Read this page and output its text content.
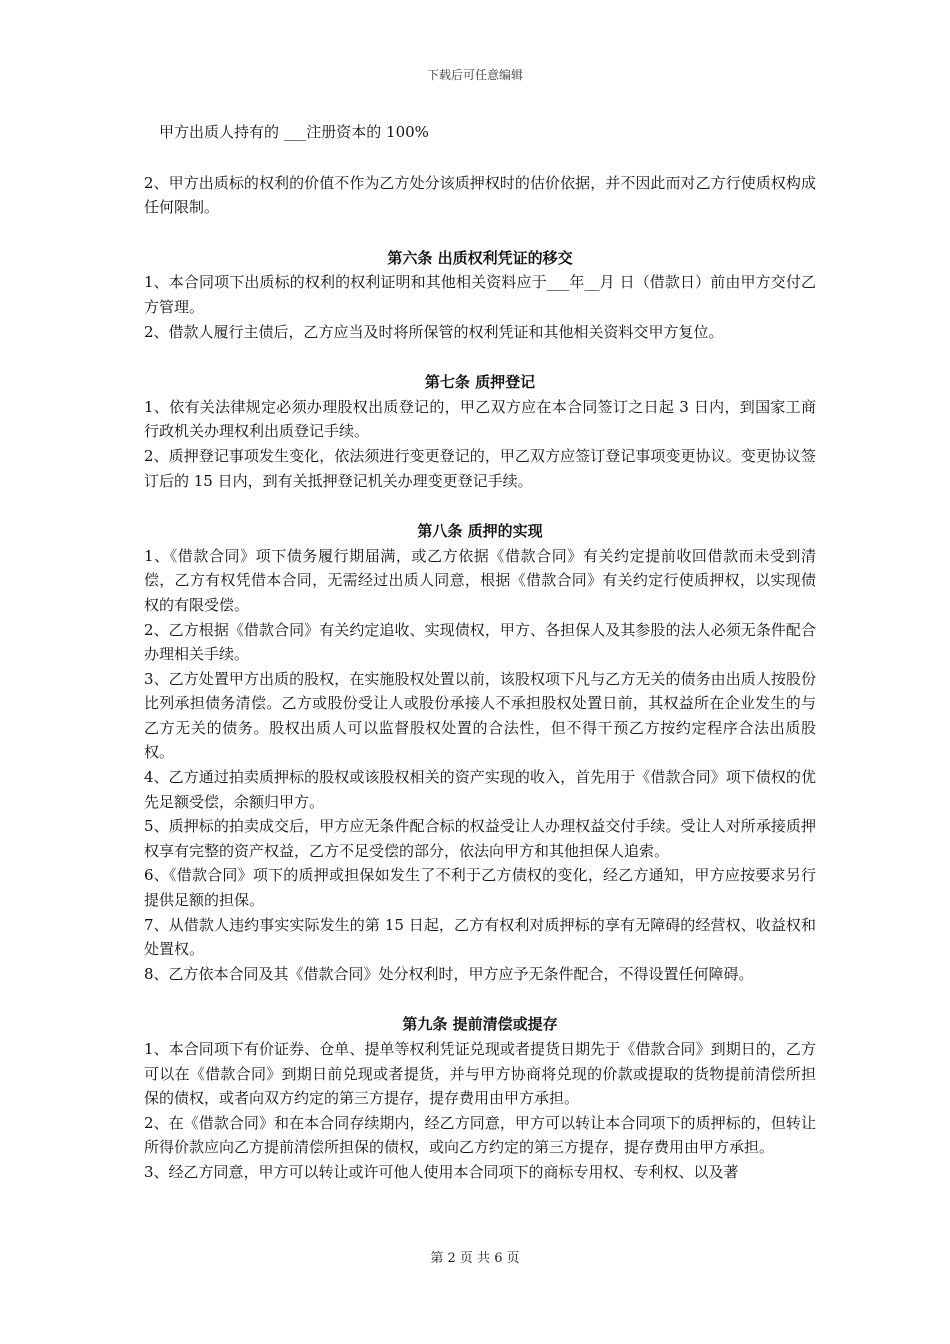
下载后可任意编辑

甲方出质人持有的 ___注册资本的 100%

2、甲方出质标的权利的价值不作为乙方处分该质押权时的估价依据，并不因此而对乙方行使质权构成任何限制。

第六条 出质权利凭证的移交

1、本合同项下出质标的权利的权利证明和其他相关资料应于___年__月 日（借款日）前由甲方交付乙方管理。

2、借款人履行主债后，乙方应当及时将所保管的权利凭证和其他相关资料交甲方复位。

第七条 质押登记

1、依有关法律规定必须办理股权出质登记的，甲乙双方应在本合同签订之日起 3 日内，到国家工商行政机关办理权利出质登记手续。

2、质押登记事项发生变化，依法须进行变更登记的，甲乙双方应签订登记事项变更协议。变更协议签订后的 15 日内，到有关抵押登记机关办理变更登记手续。

第八条 质押的实现

1、《借款合同》项下债务履行期届满，或乙方依据《借款合同》有关约定提前收回借款而未受到清偿，乙方有权凭借本合同，无需经过出质人同意，根据《借款合同》有关约定行使质押权，以实现债权的有限受偿。

2、乙方根据《借款合同》有关约定追收、实现债权，甲方、各担保人及其参股的法人必须无条件配合办理相关手续。

3、乙方处置甲方出质的股权，在实施股权处置以前，该股权项下凡与乙方无关的债务由出质人按股份比列承担债务清偿。乙方或股份受让人或股份承接人不承担股权处置日前，其权益所在企业发生的与乙方无关的债务。股权出质人可以监督股权处置的合法性，但不得干预乙方按约定程序合法出质股权。

4、乙方通过拍卖质押标的股权或该股权相关的资产实现的收入，首先用于《借款合同》项下债权的优先足额受偿，余额归甲方。

5、质押标的拍卖成交后，甲方应无条件配合标的权益受让人办理权益交付手续。受让人对所承接质押权享有完整的资产权益，乙方不足受偿的部分，依法向甲方和其他担保人追索。

6、《借款合同》项下的质押或担保如发生了不利于乙方债权的变化，经乙方通知，甲方应按要求另行提供足额的担保。

7、从借款人违约事实实际发生的第 15 日起，乙方有权利对质押标的享有无障碍的经营权、收益权和处置权。

8、乙方依本合同及其《借款合同》处分权利时，甲方应予无条件配合，不得设置任何障碍。

第九条 提前清偿或提存

1、本合同项下有价证券、仓单、提单等权利凭证兑现或者提货日期先于《借款合同》到期日的，乙方可以在《借款合同》到期日前兑现或者提货，并与甲方协商将兑现的价款或提取的货物提前清偿所担保的债权，或者向双方约定的第三方提存，提存费用由甲方承担。

2、在《借款合同》和在本合同存续期内，经乙方同意，甲方可以转让本合同项下的质押标的，但转让所得价款应向乙方提前清偿所担保的债权，或向乙方约定的第三方提存，提存费用由甲方承担。

3、经乙方同意，甲方可以转让或许可他人使用本合同项下的商标专用权、专利权、以及著

第 2 页 共 6 页
